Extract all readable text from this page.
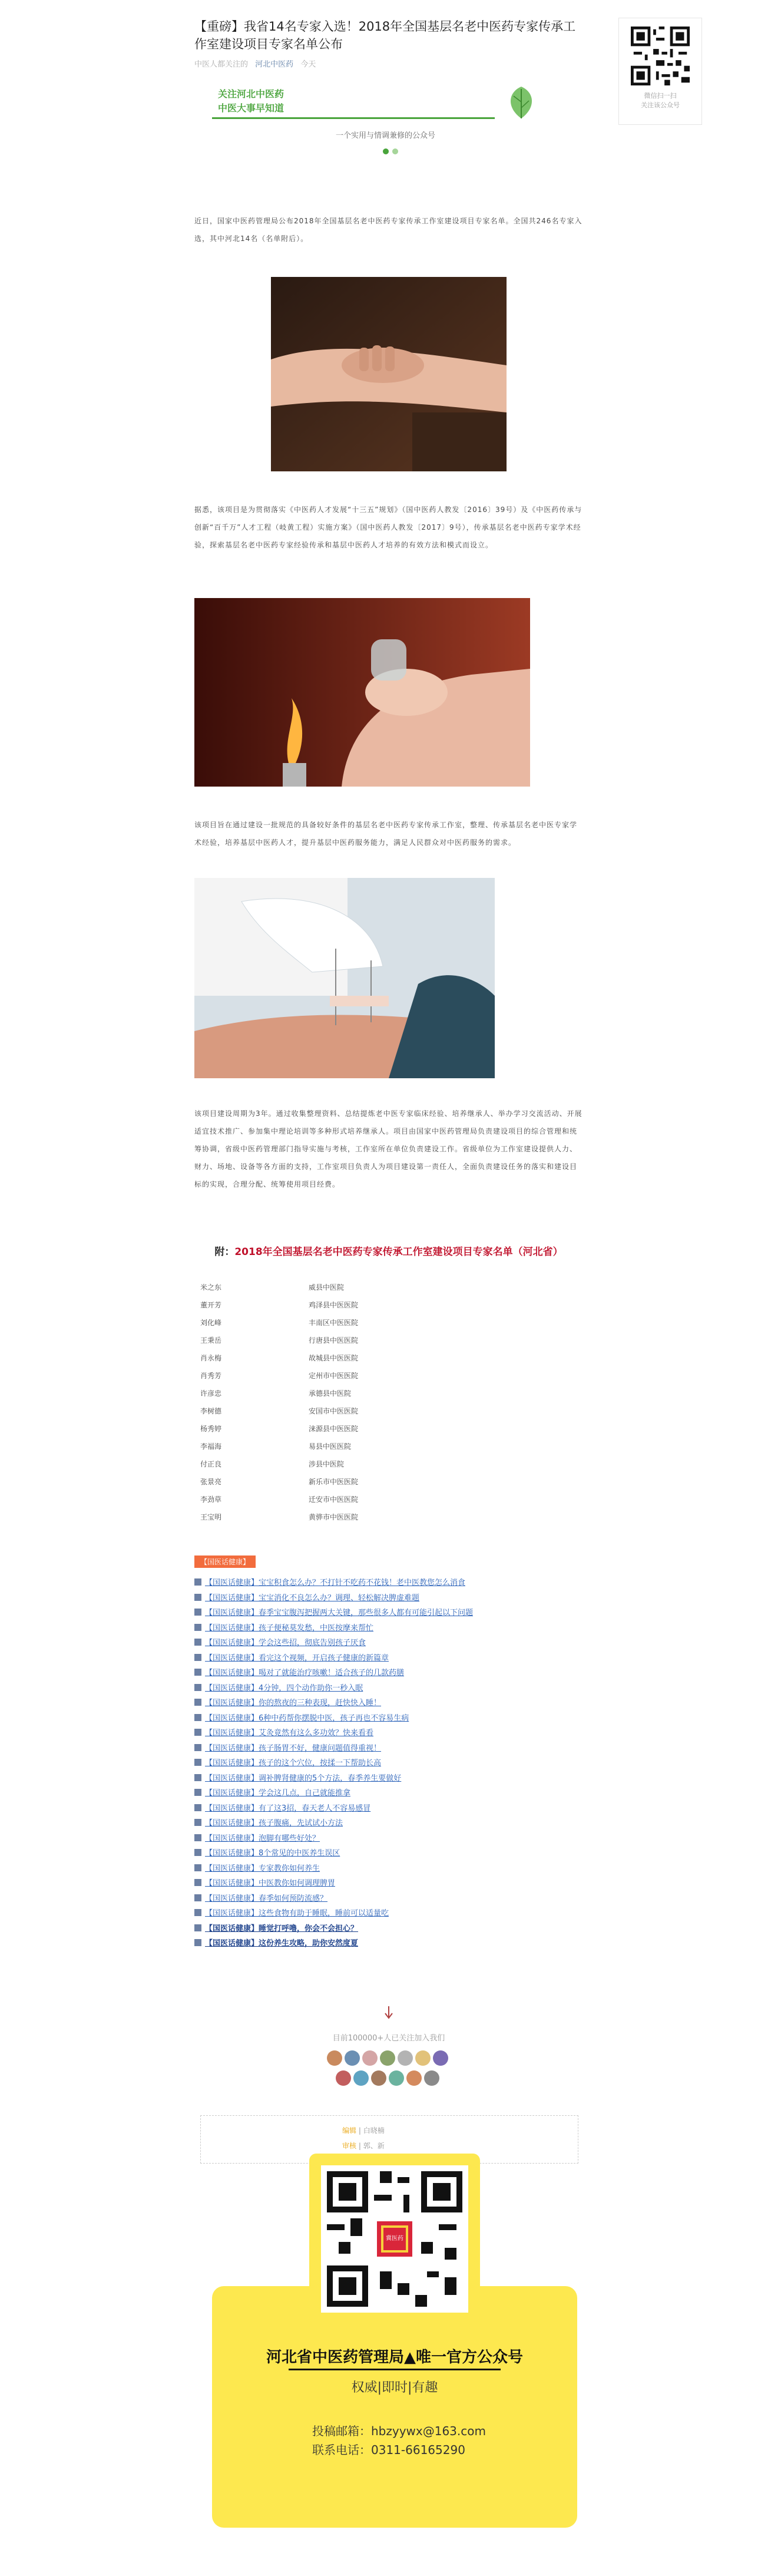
微信扫一扫
关注该公众号
【重磅】我省14名专家入选！2018年全国基层名老中医药专家传承工作室建设项目专家名单公布
中医人都关注的 河北中医药 今天
关注河北中医药
中医大事早知道
一个实用与情调兼修的公众号

近日，国家中医药管理局公布2018年全国基层名老中医药专家传承工作室建设项目专家名单。全国共246名专家入选，其中河北14名（名单附后）。

据悉，该项目是为贯彻落实《中医药人才发展“十三五”规划》（国中医药人教发〔2016〕39号）及《中医药传承与创新“百千万”人才工程（岐黄工程）实施方案》（国中医药人教发〔2017〕9号），传承基层名老中医药专家学术经验，探索基层名老中医药专家经验传承和基层中医药人才培养的有效方法和模式而设立。

该项目旨在通过建设一批规范的具备较好条件的基层名老中医药专家传承工作室，整理、传承基层名老中医专家学术经验，培养基层中医药人才，提升基层中医药服务能力，满足人民群众对中医药服务的需求。

该项目建设周期为3年。通过收集整理资料、总结提炼老中医专家临床经验、培养继承人、举办学习交流活动、开展适宜技术推广、参加集中理论培训等多种形式培养继承人。项目由国家中医药管理局负责建设项目的综合管理和统筹协调，省级中医药管理部门指导实施与考核，工作室所在单位负责建设工作。省级单位为工作室建设提供人力、财力、场地、设备等各方面的支持，工作室项目负责人为项目建设第一责任人，全面负责建设任务的落实和建设目标的实现，合理分配、统筹使用项目经费。

附：2018年全国基层名老中医药专家传承工作室建设项目专家名单（河北省）
米之东	威县中医院
董开芳	鸡泽县中医医院
刘化峰	丰南区中医医院
王秉岳	行唐县中医医院
肖永梅	故城县中医医院
肖秀芳	定州市中医医院
许彦忠	承德县中医院
李树德	安国市中医医院
杨秀婷	涞源县中医医院
李福海	易县中医医院
付正良	涉县中医院
张景亮	新乐市中医医院
李劲草	迁安市中医医院
王宝明	黄骅市中医医院
【国医话健康】
【国医话健康】宝宝积食怎么办？不打针不吃药不花钱！老中医教您怎么消食
【国医话健康】宝宝消化不良怎么办？调理、轻松解决脾虚难题
【国医话健康】春季宝宝腹泻把握两大关键，那些很多人都有可能引起以下问题
【国医话健康】孩子便秘莫发愁，中医按摩来帮忙
【国医话健康】学会这些招，彻底告别孩子厌食
【国医话健康】看完这个视频，开启孩子健康的新篇章
【国医话健康】喝对了就能治疗咳嗽！适合孩子的几款药膳
【国医话健康】4分钟，四个动作助你一秒入眠
【国医话健康】你的熬夜的三种表现，赶快快入睡！
【国医话健康】6种中药帮你摆脱中医，孩子再也不容易生病
【国医话健康】艾灸竟然有这么多功效？快来看看
【国医话健康】孩子肠胃不好，健康问题值得重视！
【国医话健康】孩子的这个穴位，按揉一下帮助长高
【国医话健康】调补脾肾健康的5个方法，春季养生要做好
【国医话健康】学会这几点，自己就能推拿
【国医话健康】有了这3招，春天老人不容易感冒
【国医话健康】孩子腹痛，先试试小方法
【国医话健康】泡脚有哪些好处？
【国医话健康】8个常见的中医养生误区
【国医话健康】专家教你如何养生
【国医话健康】中医教你如何调理脾胃
【国医话健康】春季如何预防流感？
【国医话健康】这些食物有助于睡眠，睡前可以适量吃
【国医话健康】睡觉打呼噜，你会不会担心？
【国医话健康】这份养生攻略，助你安然度夏
目前100000+人已关注加入我们
编辑 | 白晓楠
审核 | 郭、新
冀医药
河北省中医药管理局▲唯一官方公众号
权威|即时|有趣
投稿邮箱：hbzyywx@163.com
联系电话：0311-66165290
